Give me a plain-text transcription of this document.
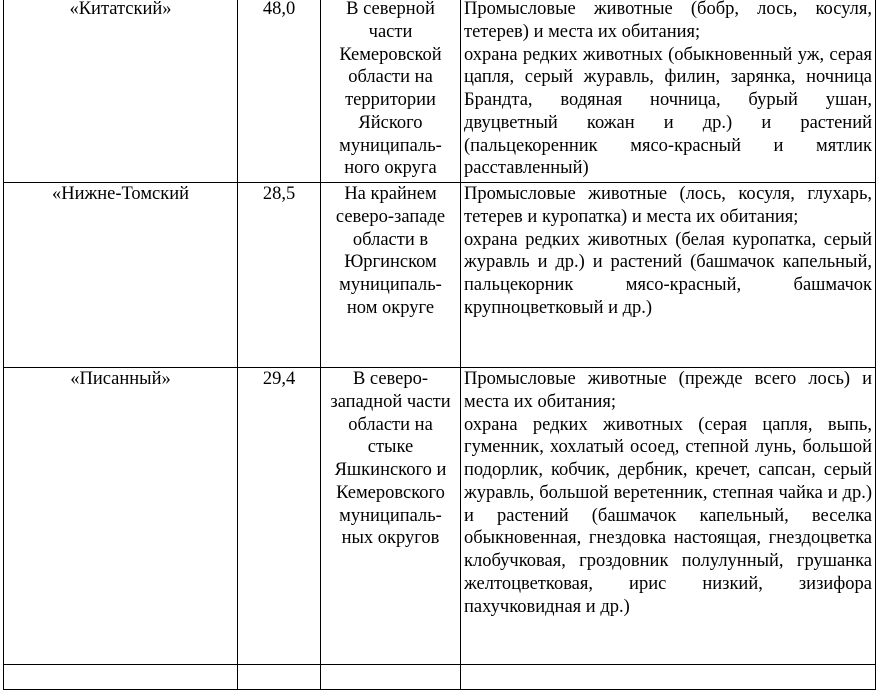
«Китатский»	48,0	В северной части Кемеровской области на территории Яйского муниципаль-ного округа	Промысловые животные (бобр, лось, косуля, тетерев) и места их обитания;
охрана редких животных (обыкновенный уж, серая цапля, серый журавль, филин, зарянка, ночница Брандта, водяная ночница, бурый ушан, двуцветный кожан и др.) и растений (пальцекоренник мясо-красный и мятлик расставленный)

«Нижне-Томский	28,5	На крайнем северо-западе области в Юргинском муниципаль-ном округе	Промысловые животные (лось, косуля, глухарь, тетерев и куропатка) и места их обитания;
охрана редких животных (белая куропатка, серый журавль и др.) и растений (башмачок капельный, пальцекорник мясо-красный, башмачок крупноцветковый и др.)

«Писанный»	29,4	В северо-западной части области на стыке Яшкинского и Кемеровского муниципаль-ных округов	Промысловые животные (прежде всего лось) и места их обитания;
охрана редких животных (серая цапля, выпь, гуменник, хохлатый осоед, степной лунь, большой подорлик, кобчик, дербник, кречет, сапсан, серый журавль, большой веретенник, степная чайка и др.) и растений (башмачок капельный, веселка обыкновенная, гнездовка настоящая, гнездоцветка клобучковая, гроздовник полулунный, грушанка желтоцветковая, ирис низкий, зизифора пахучковидная и др.)
